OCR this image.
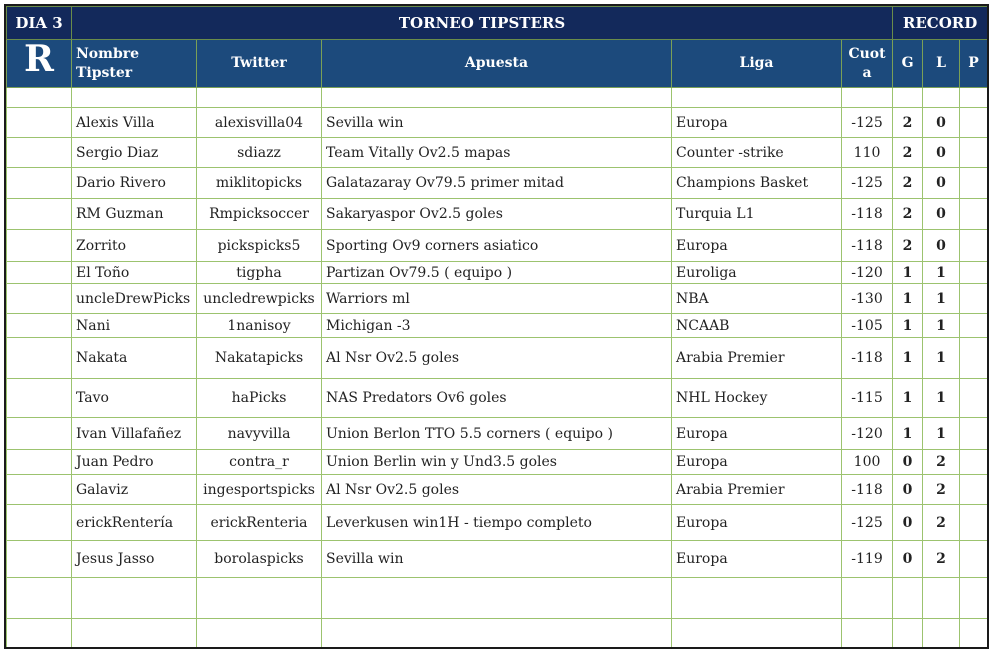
DIA 3	TORNEO TIPSTERS					RECORD		
R	Nombre Tipster	Twitter	Apuesta	Liga	Cuota	G	L	P

	Alexis Villa	alexisvilla04	Sevilla win	Europa	-125	2	0	
	Sergio Diaz	sdiazz	Team Vitally Ov2.5 mapas	Counter -strike	110	2	0	
	Dario Rivero	miklitopicks	Galatazaray Ov79.5 primer mitad	Champions Basket	-125	2	0	
	RM Guzman	Rmpicksoccer	Sakaryaspor Ov2.5 goles	Turquia L1	-118	2	0	
	Zorrito	pickspicks5	Sporting Ov9 corners asiatico	Europa	-118	2	0	
	El Toño	tigpha	Partizan Ov79.5 ( equipo )	Euroliga	-120	1	1	
	uncleDrewPicks	uncledrewpicks	Warriors ml	NBA	-130	1	1	
	Nani	1nanisoy	Michigan -3	NCAAB	-105	1	1	
	Nakata	Nakatapicks	Al Nsr Ov2.5 goles	Arabia Premier	-118	1	1	
	Tavo	haPicks	NAS Predators Ov6 goles	NHL Hockey	-115	1	1	
	Ivan Villafañez	navyvilla	Union Berlon TTO 5.5 corners ( equipo )	Europa	-120	1	1	
	Juan Pedro	contra_r	Union Berlin win y Und3.5 goles	Europa	100	0	2	
	Galaviz	ingesportspicks	Al Nsr Ov2.5 goles	Arabia Premier	-118	0	2	
	erickRentería	erickRenteria	Leverkusen win1H - tiempo completo	Europa	-125	0	2	
	Jesus Jasso	borolaspicks	Sevilla win	Europa	-119	0	2	
